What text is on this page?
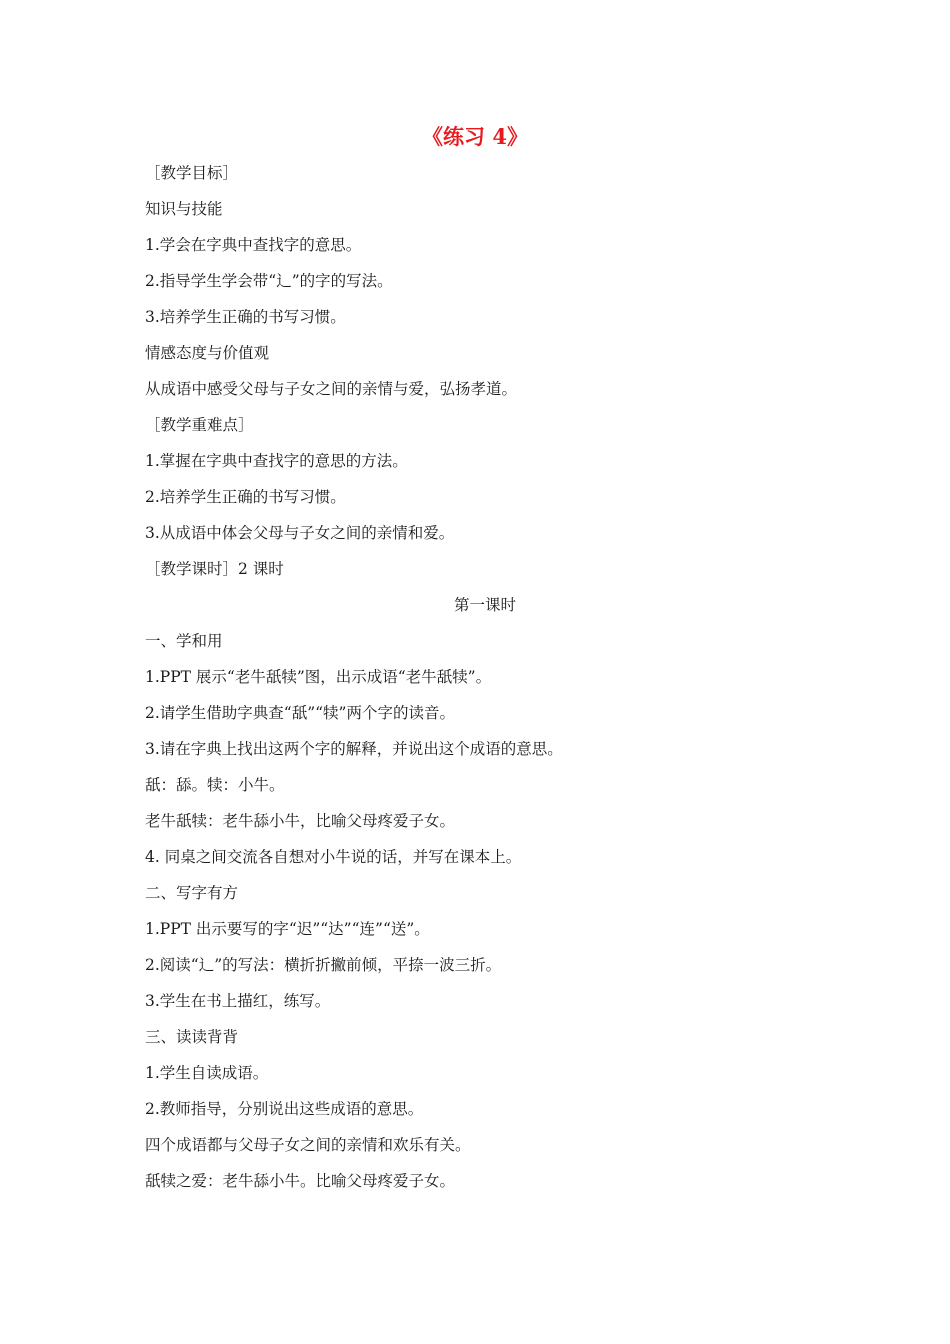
《练习 4》

［教学目标］

知识与技能

1.学会在字典中查找字的意思。

2.指导学生学会带“辶”的字的写法。

3.培养学生正确的书写习惯。

情感态度与价值观

从成语中感受父母与子女之间的亲情与爱，弘扬孝道。

［教学重难点］

1.掌握在字典中查找字的意思的方法。

2.培养学生正确的书写习惯。

3.从成语中体会父母与子女之间的亲情和爱。

［教学课时］2 课时

第一课时

一、学和用

1.PPT 展示“老牛舐犊”图，出示成语“老牛舐犊”。

2.请学生借助字典查“舐”“犊”两个字的读音。

3.请在字典上找出这两个字的解释，并说出这个成语的意思。

舐：舔。犊：小牛。

老牛舐犊：老牛舔小牛，比喻父母疼爱子女。

4. 同桌之间交流各自想对小牛说的话，并写在课本上。

二、写字有方

1.PPT 出示要写的字“迟”“达”“连”“送”。

2.阅读“辶”的写法：横折折撇前倾，平捺一波三折。

3.学生在书上描红，练写。

三、读读背背

1.学生自读成语。

2.教师指导，分别说出这些成语的意思。

四个成语都与父母子女之间的亲情和欢乐有关。

舐犊之爱：老牛舔小牛。比喻父母疼爱子女。
